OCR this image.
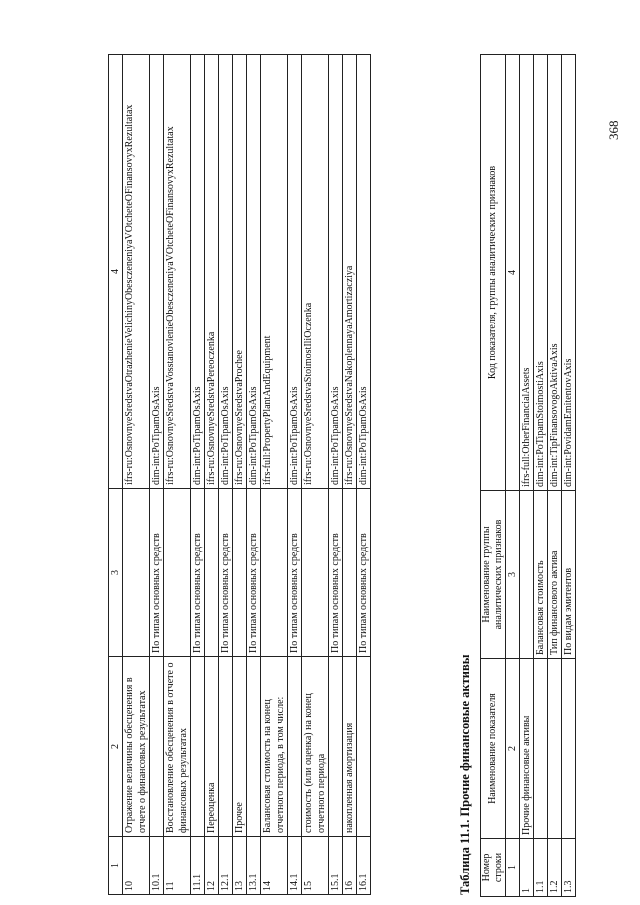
368
1	2	3	4
10	Отражение величины обесценения в отчете о финансовых результатах		ifrs-ru:OsnovnyeSredstvaOtrazhenieVelichinyObesczeneniyaVOtcheteOFinansovyxRezultatax
10.1		По типам основных средств	dim-int:PoTipamOsAxis
11	Восстановление обесценения в отчете о финансовых результатах		ifrs-ru:OsnovnyeSredstvaVosstanovlenieObesczeneniyaVOtcheteOFinansovyxRezultatax
11.1		По типам основных средств	dim-int:PoTipamOsAxis
12	Переоценка		ifrs-ru:OsnovnyeSredstvaPereoczenka
12.1		По типам основных средств	dim-int:PoTipamOsAxis
13	Прочее		ifrs-ru:OsnovnyeSredstvaProchee
13.1		По типам основных средств	dim-int:PoTipamOsAxis
14	Балансовая стоимость на конец отчетного периода, в том числе:		ifrs-full:PropertyPlantAndEquipment
14.1		По типам основных средств	dim-int:PoTipamOsAxis
15	стоимость (или оценка) на конец отчетного периода		ifrs-ru:OsnovnyeSredstvaStoimostIliOczenka
15.1		По типам основных средств	dim-int:PoTipamOsAxis
16	накопленная амортизация		ifrs-ru:OsnovnyeSredstvaNakoplennayaAmortizacziya
16.1		По типам основных средств	dim-int:PoTipamOsAxis
Таблица 11.1. Прочие финансовые активы Номер строки	Наименование показателя	Наименование группы аналитических признаков	Код показателя, группы аналитических признаков
1	2	3	4
1	Прочие финансовые активы		ifrs-full:OtherFinancialAssets
1.1		Балансовая стоимость	dim-int:PoTipamStoimostiAxis
1.2		Тип финансового актива	dim-int:TipFinansovogoAktivaAxis
1.3		По видам эмитентов	dim-int:PovidamEmitentovAxis
